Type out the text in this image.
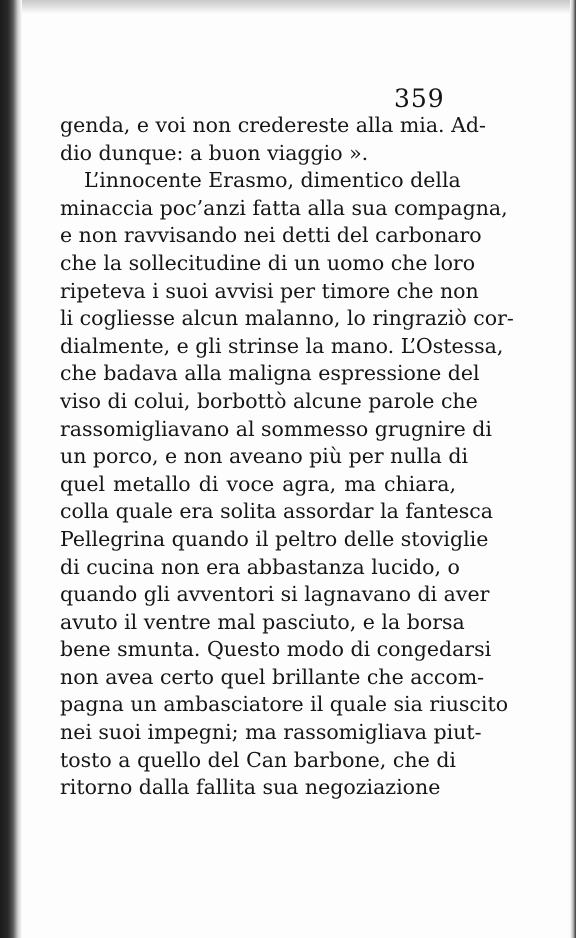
359
genda, e voi non credereste alla mia. Ad-
dio dunque: a buon viaggio ».
L’innocente Erasmo, dimentico della
minaccia poc’anzi fatta alla sua compagna,
e non ravvisando nei detti del carbonaro
che la sollecitudine di un uomo che loro
ripeteva i suoi avvisi per timore che non
li cogliesse alcun malanno, lo ringraziò cor-
dialmente, e gli strinse la mano. L’Ostessa,
che badava alla maligna espressione del
viso di colui, borbottò alcune parole che
rassomigliavano al sommesso grugnire di
un porco, e non aveano più per nulla di
quel metallo di voce agra, ma chiara,
colla quale era solita assordar la fantesca
Pellegrina quando il peltro delle stoviglie
di cucina non era abbastanza lucido, o
quando gli avventori si lagnavano di aver
avuto il ventre mal pasciuto, e la borsa
bene smunta. Questo modo di congedarsi
non avea certo quel brillante che accom-
pagna un ambasciatore il quale sia riuscito
nei suoi impegni; ma rassomigliava piut-
tosto a quello del Can barbone, che di
ritorno dalla fallita sua negoziazione
